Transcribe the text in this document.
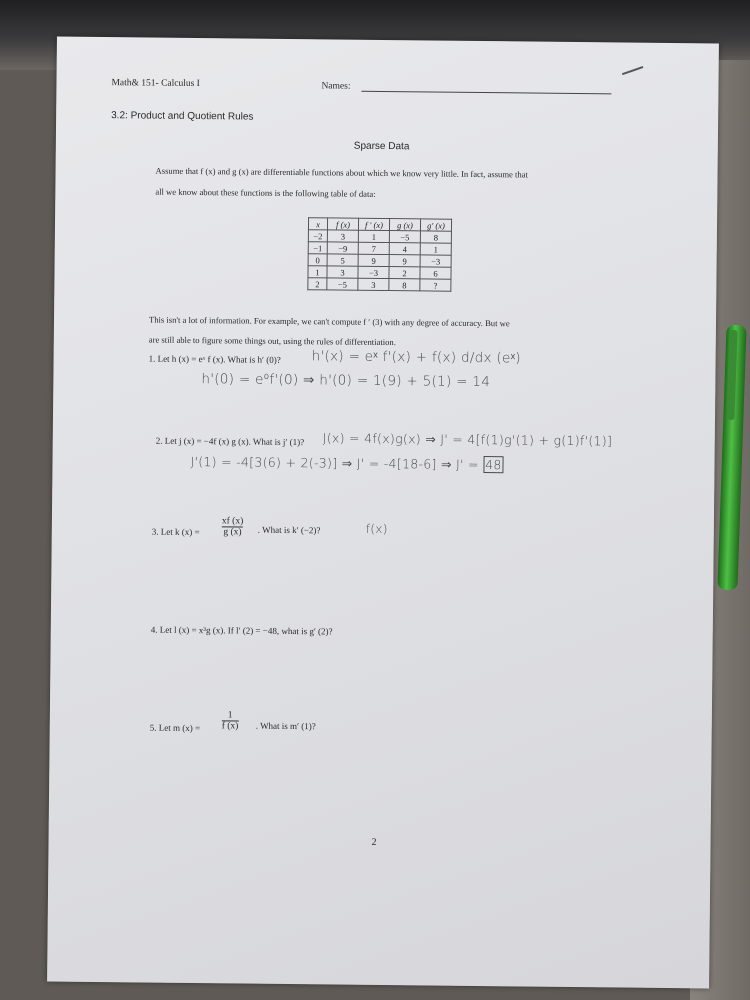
Math& 151- Calculus I	Names:
3.2: Product and Quotient Rules
Sparse Data
Assume that f (x) and g (x) are differentiable functions about which we know very little. In fact, assume that
all we know about these functions is the following table of data:
x	f (x)	f ′ (x)	g (x)	g′ (x)
−2	3	1	−5	8
−1	−9	7	4	1
0	5	9	9	−3
1	3	−3	2	6
2	−5	3	8	?
This isn't a lot of information. For example, we can't compute f ′ (3) with any degree of accuracy. But we
are still able to figure some things out, using the rules of differentiation.
1. Let h (x) = eˣ f (x). What is h′ (0)? h'(x) = eˣ f'(x) + f(x) d/dx (eˣ)
h'(0) = e⁰f'(0) ⇒ h'(0) = 1(9) + 5(1) = 14
2. Let j (x) = −4f (x) g (x). What is j′ (1)? J(x) = 4f(x)g(x) ⇒ J' = 4[f(1)g'(1) + g(1)f'(1)]
J'(1) = -4[3(6) + 2(-3)] ⇒ J' = -4[18-6] ⇒ J' = 48
3. Let k $(x) = \frac{xf (x)}{g (x)}$ . What is k′ (−2)?	f(x)
4. Let l (x) = x³g (x). If l′ (2) = −48, what is g′ (2)?
5. Let m $(x) = \frac{1}{f (x)}$ . What is m′ (1)?
2
